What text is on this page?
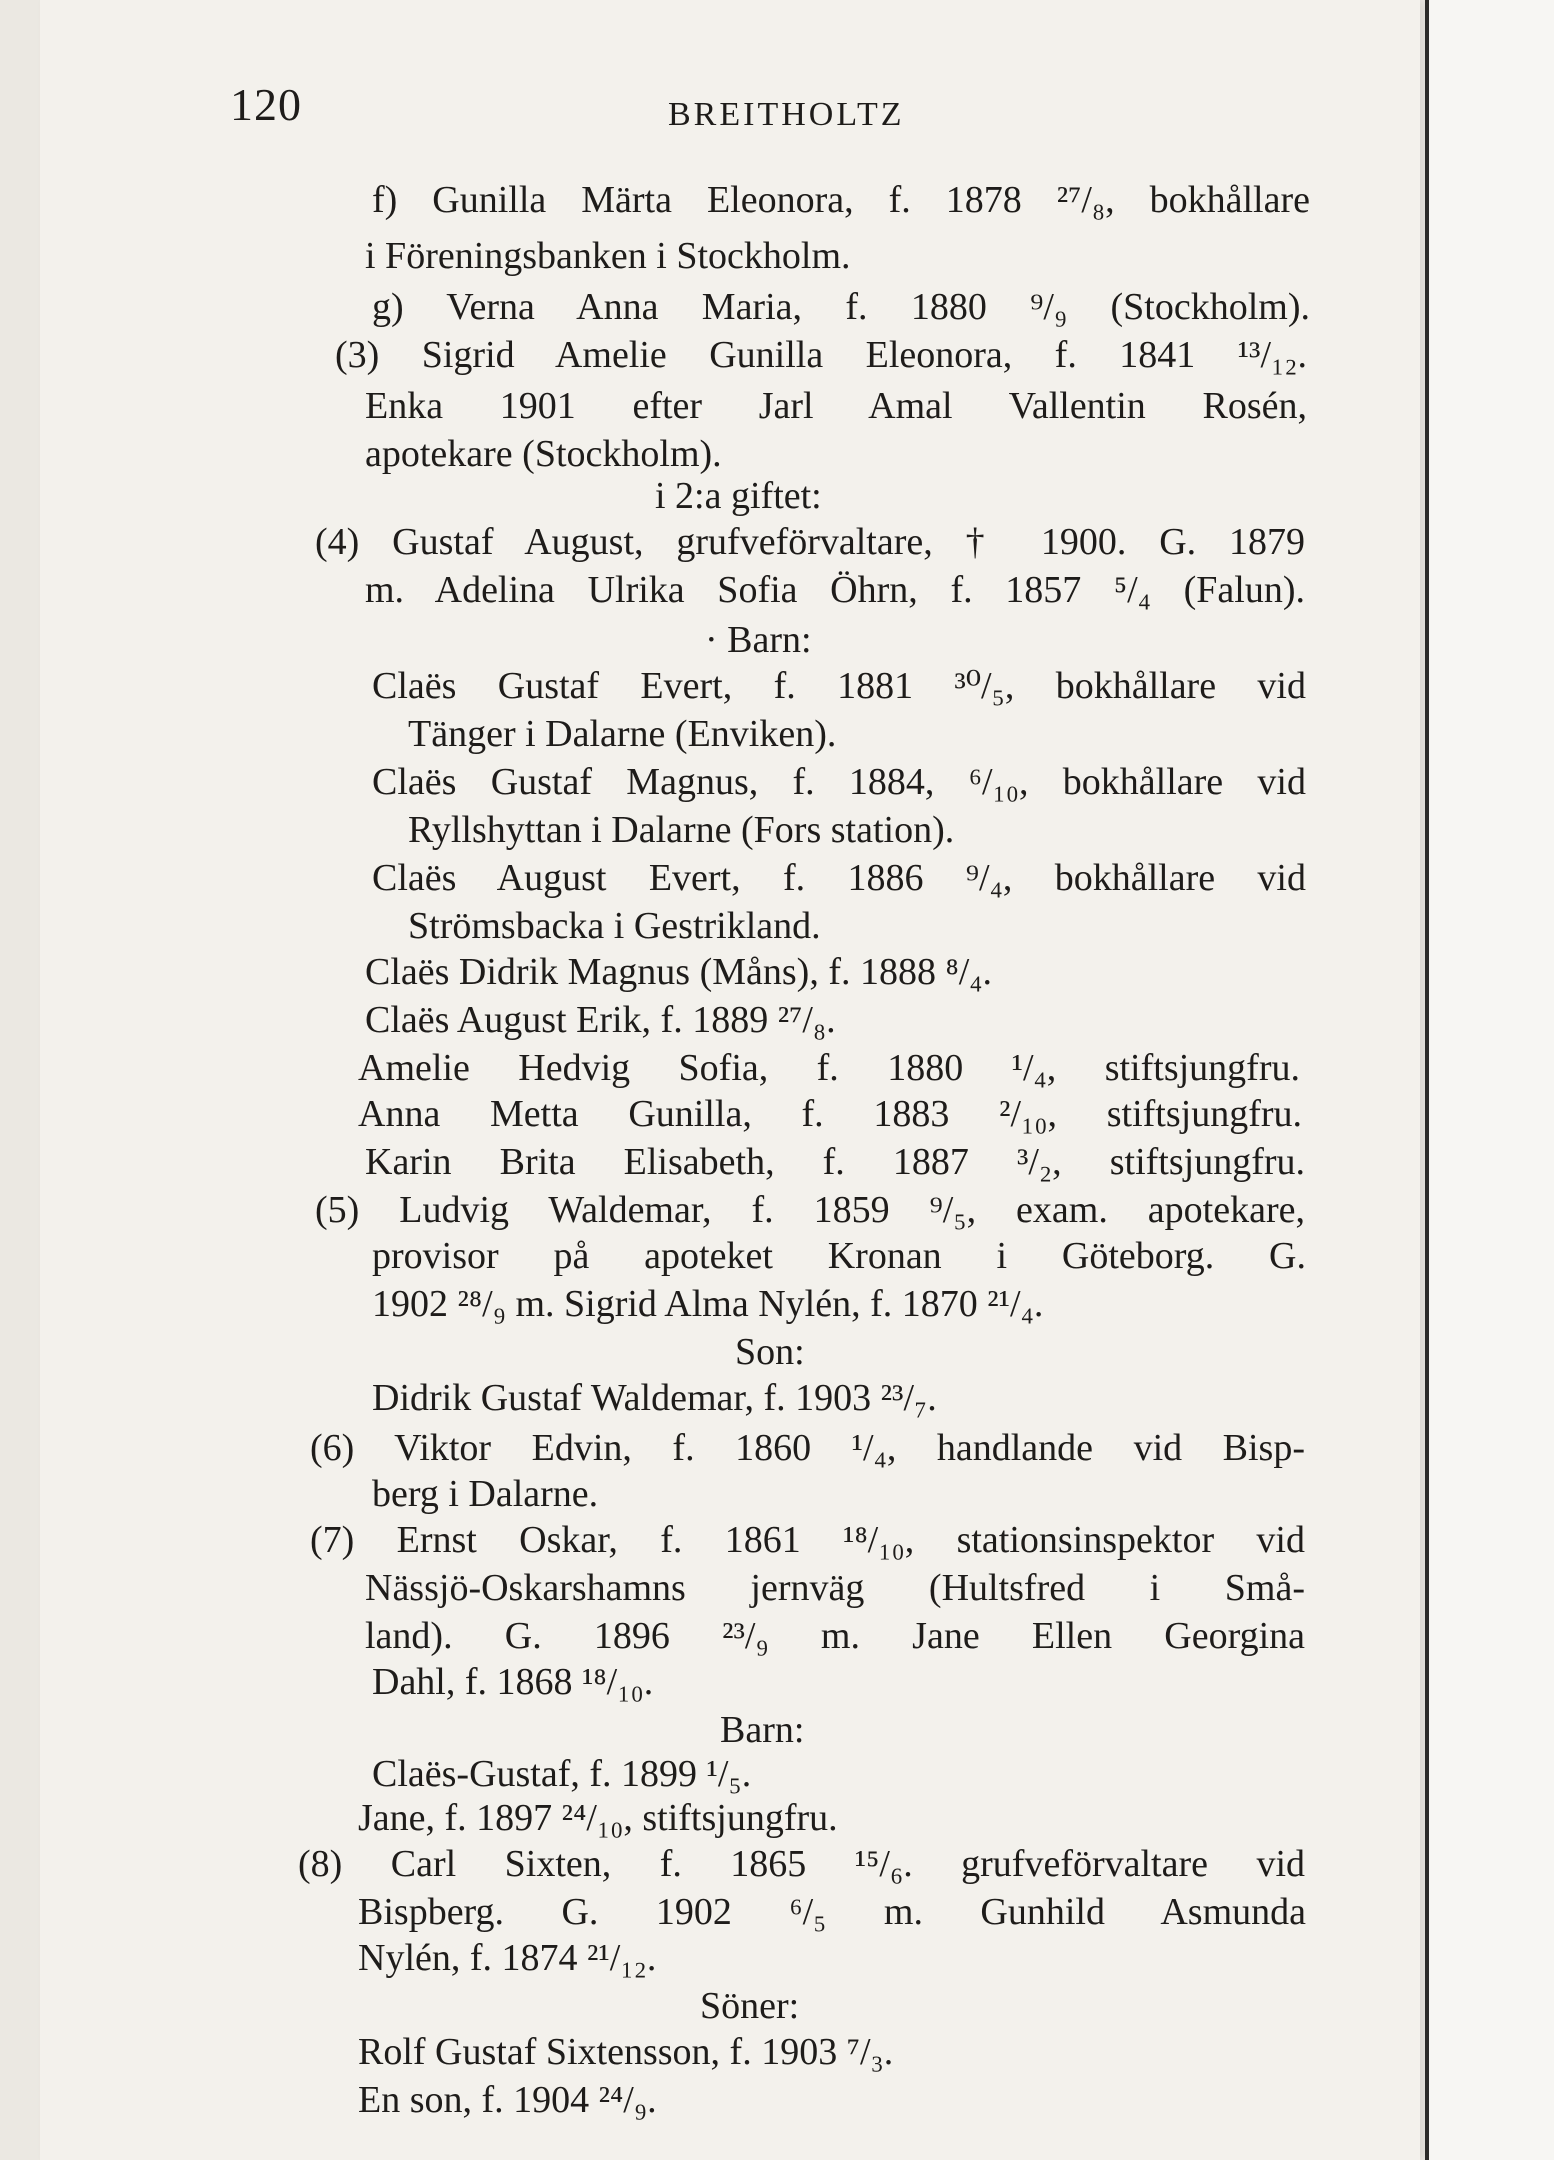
120	BREITHOLTZ
f) Gunilla Märta Eleonora, f. 1878 ²⁷/₈, bokhållare
i Föreningsbanken i Stockholm.
g) Verna Anna Maria, f. 1880 ⁹/₉ (Stockholm).
(3) Sigrid Amelie Gunilla Eleonora, f. 1841 ¹³/₁₂.
Enka 1901 efter Jarl Amal Vallentin Rosén,
apotekare (Stockholm).
i 2:a giftet:
(4) Gustaf August, grufveförvaltare, † 1900. G. 1879
m. Adelina Ulrika Sofia Öhrn, f. 1857 ⁵/₄ (Falun).
· Barn:
Claës Gustaf Evert, f. 1881 ³⁰/₅, bokhållare vid
Tänger i Dalarne (Enviken).
Claës Gustaf Magnus, f. 1884, ⁶/₁₀, bokhållare vid
Ryllshyttan i Dalarne (Fors station).
Claës August Evert, f. 1886 ⁹/₄, bokhållare vid
Strömsbacka i Gestrikland.
Claës Didrik Magnus (Måns), f. 1888 ⁸/₄.
Claës August Erik, f. 1889 ²⁷/₈.
Amelie Hedvig Sofia, f. 1880 ¹/₄, stiftsjungfru.
Anna Metta Gunilla, f. 1883 ²/₁₀, stiftsjungfru.
Karin Brita Elisabeth, f. 1887 ³/₂, stiftsjungfru.
(5) Ludvig Waldemar, f. 1859 ⁹/₅, exam. apotekare,
provisor på apoteket Kronan i Göteborg. G.
1902 ²⁸/₉ m. Sigrid Alma Nylén, f. 1870 ²¹/₄.
Son:
Didrik Gustaf Waldemar, f. 1903 ²³/₇.
(6) Viktor Edvin, f. 1860 ¹/₄, handlande vid Bisp-
berg i Dalarne.
(7) Ernst Oskar, f. 1861 ¹⁸/₁₀, stationsinspektor vid
Nässjö-Oskarshamns jernväg (Hultsfred i Små-
land). G. 1896 ²³/₉ m. Jane Ellen Georgina
Dahl, f. 1868 ¹⁸/₁₀.
Barn:
Claës-Gustaf, f. 1899 ¹/₅.
Jane, f. 1897 ²⁴/₁₀, stiftsjungfru.
(8) Carl Sixten, f. 1865 ¹⁵/₆. grufveförvaltare vid
Bispberg. G. 1902 ⁶/₅ m. Gunhild Asmunda
Nylén, f. 1874 ²¹/₁₂.
Söner:
Rolf Gustaf Sixtensson, f. 1903 ⁷/₃.
En son, f. 1904 ²⁴/₉.
